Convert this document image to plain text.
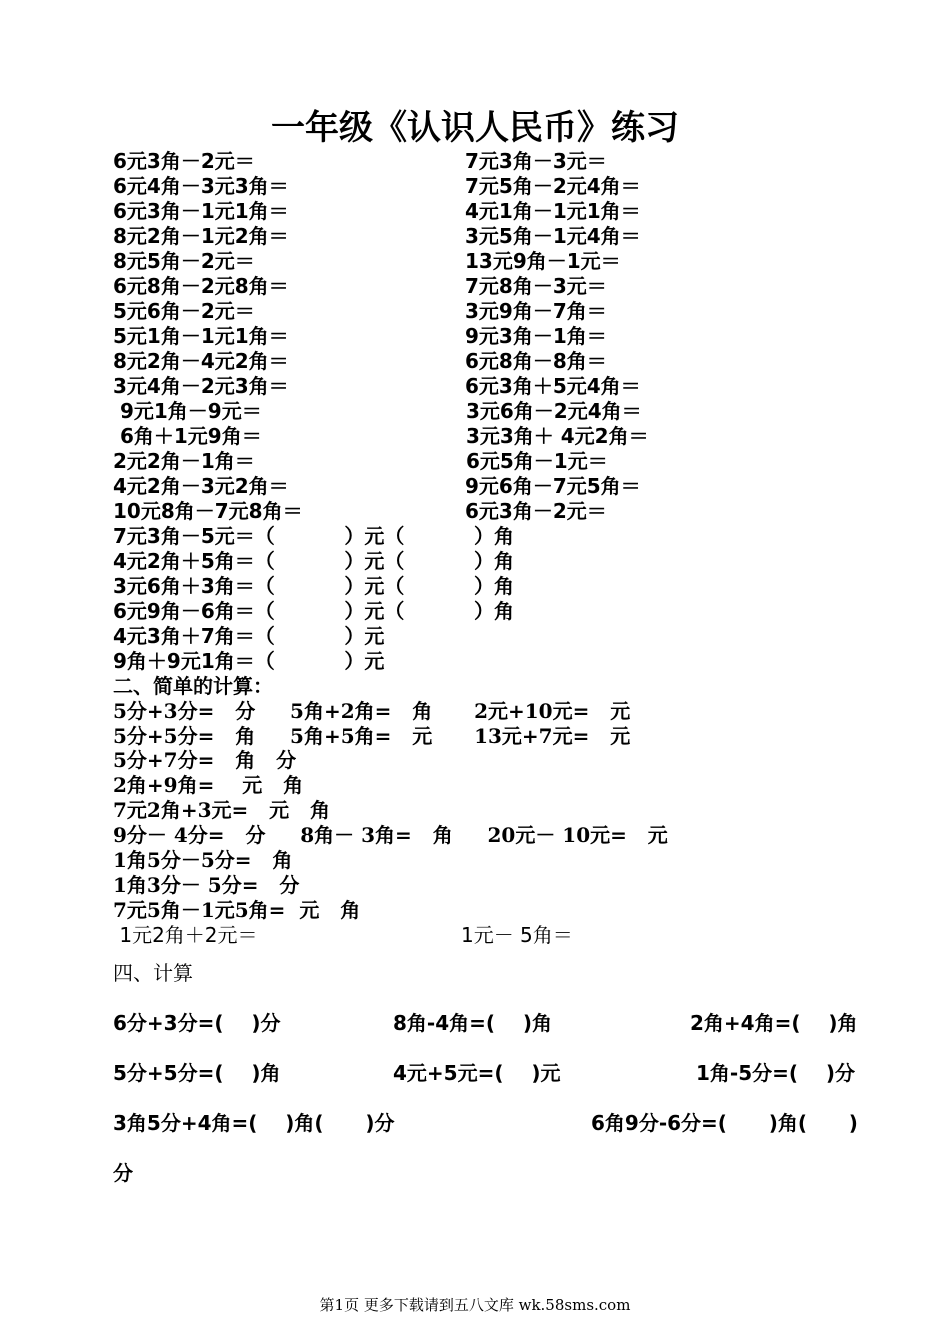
一年级《认识人民币》练习
6元3角－2元＝	7元3角－3元＝
6元4角－3元3角＝	7元5角－2元4角＝
6元3角－1元1角＝	4元1角－1元1角＝
8元2角－1元2角＝	3元5角－1元4角＝
8元5角－2元＝	13元9角－1元＝
6元8角－2元8角＝	7元8角－3元＝
5元6角－2元＝	3元9角－7角＝
5元1角－1元1角＝	9元3角－1角＝
8元2角－4元2角＝	6元8角－8角＝
3元4角－2元3角＝	6元3角＋5元4角＝
9元1角－9元＝	3元6角－2元4角＝
6角＋1元9角＝	3元3角＋ 4元2角＝
2元2角－1角＝	6元5角－1元＝
4元2角－3元2角＝	9元6角－7元5角＝
10元8角－7元8角＝	6元3角－2元＝
7元3角－5元＝（          ）元（          ）角
4元2角＋5角＝（          ）元（          ）角
3元6角＋3角＝（          ）元（          ）角
6元9角－6角＝（          ）元（          ）角
4元3角＋7角＝（          ）元
9角＋9元1角＝（          ）元
二、简单的计算：
5分+3分=   分     5角+2角=   角      2元+10元=   元
5分+5分=   角     5角+5角=   元      13元+7元=   元
5分+7分=   角   分
2角+9角=    元   角
7元2角+3元=   元   角
9分－ 4分=   分     8角－ 3角=   角     20元－ 10元=   元
1角5分－5分=   角
1角3分－ 5分=   分
7元5角－1元5角=  元   角
1元2角＋2元＝                                1元－ 5角＝
四、计算
6分+3分=(    )分	8角-4角=(    )角	2角+4角=(    )角
5分+5分=(    )角	4元+5元=(    )元	1角-5分=(    )分
3角5分+4角=(    )角(      )分	6角9分-6分=(      )角(      )
分
第1页 更多下载请到五八文库 wk.58sms.com
